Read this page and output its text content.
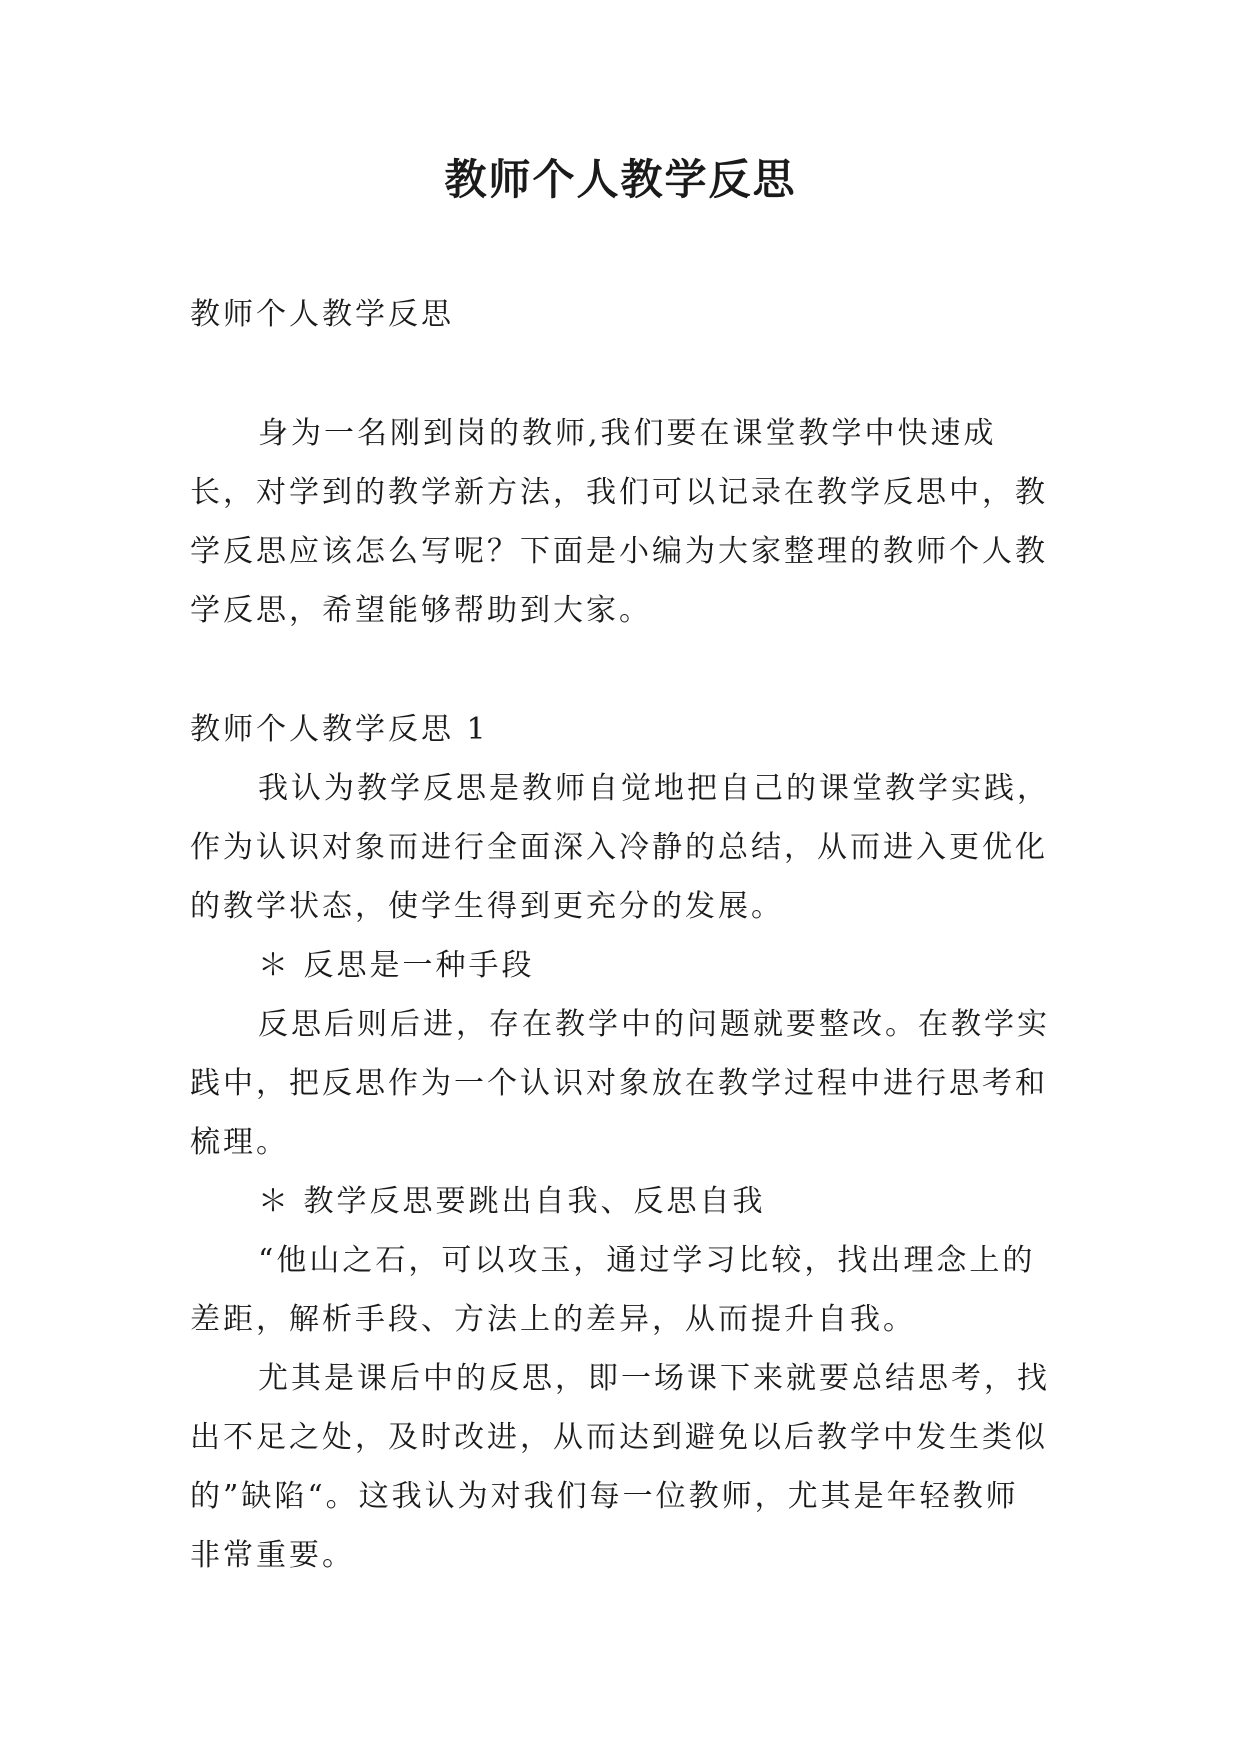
教师个人教学反思

教师个人教学反思

身为一名刚到岗的教师,我们要在课堂教学中快速成长，对学到的教学新方法，我们可以记录在教学反思中，教学反思应该怎么写呢？下面是小编为大家整理的教师个人教学反思，希望能够帮助到大家。

教师个人教学反思 1

我认为教学反思是教师自觉地把自己的课堂教学实践，作为认识对象而进行全面深入冷静的总结，从而进入更优化的教学状态，使学生得到更充分的发展。

＊ 反思是一种手段

反思后则后进，存在教学中的问题就要整改。在教学实践中，把反思作为一个认识对象放在教学过程中进行思考和梳理。

＊ 教学反思要跳出自我、反思自我

“他山之石，可以攻玉，通过学习比较，找出理念上的差距，解析手段、方法上的差异，从而提升自我。

尤其是课后中的反思，即一场课下来就要总结思考，找出不足之处，及时改进，从而达到避免以后教学中发生类似的”缺陷“。这我认为对我们每一位教师，尤其是年轻教师非常重要。
